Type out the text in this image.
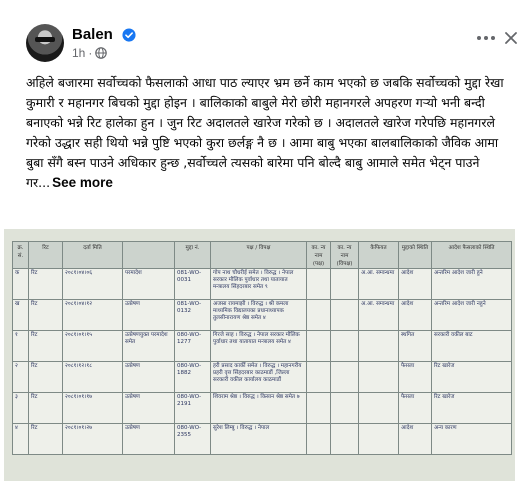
Balen
1h ·

अहिले बजारमा सर्वोच्चको फैसलाको आधा पाठ ल्याएर भ्रम छर्ने काम भएको छ जबकि सर्वोच्चको मुद्दा रेखा कुमारी र महानगर बिचको मुद्दा होइन । बालिकाको बाबुले मेरो छोरी महानगरले अपहरण गर्‍यो भनी बन्दी बनाएको भन्ने रिट हालेका हुन । जुन रिट अदालतले खारेज गरेको छ । अदालतले खारेज गरेपछि महानगरले गरेको उद्धार सही थियो भन्ने पुष्टि भएको कुरा छर्लङ्ग नै छ । आमा बाबु भएका बालबालिकाको जैविक आमा बुबा सँगै बस्न पाउने अधिकार हुन्छ ,सर्वोच्चले त्यसको बारेमा पनि बोल्दै बाबु आमाले समेत भेट्न पाउने गर... See more

क्र. सं.	रिट	दर्ता मिति		मुद्दा नं.	पक्ष / विपक्ष	का. न्य नाम (पक्ष)	का. न्य नाम (विपक्ष)	कैफियत	मुद्दाको स्थिति	आदेश फैसलाको स्थिति
क	रिट	२०८१।०४।०६	परमादेश	081-WO-0031	गोप नाथ चौधरीई समेत । विरुद्ध । नेपाल सरकार मौलिक पुर्वाधार तथा यातायात मन्त्रालय सिंहदरबार समेत ९			अ.आ. सम्वन्धमा	आदेश	अन्तरिम आदेश जारी हुने
ख	रिट	२०८१।०४।१२	उत्प्रेषण	081-WO-0132	अजस्रा रायमाझी । विरुद्ध । श्री कमला माध्यमिक विद्यालयका प्रधानाध्यापक तुलसीनारायण श्रेष्ठ समेत ४			अ.आ. सम्वन्धमा	आदेश	अन्तरिम आदेश जारी नहुने
१	रिट	२०८१।०१।१५	उत्प्रेषणयुक्त परमादेश समेत	080-WO-1277	गिरजे साह । विरुद्ध । नेपाल सरकार मौलिक पुर्वाधार तथा यातायात मन्त्रालय समेत ४				स्थगित	सरकारी वकील बाट
२	रिट	२०८१।१२।१८	उत्प्रेषण	080-WO-1882	हरी प्रसाद कार्की समेत । विरुद्ध । महानगरीय प्रहरी वृत्त सिंहदरबार काठमाडौं ,जिल्ला सरकारी वकील कार्यालय काठमाडौं				फैसला	रिट खारेज
३	रिट	२०८१।०१।१७	उत्प्रेषण	080-WO-2191	शिवराम श्रेष्ठ । विरुद्ध । किसान श्रेष्ठ समेत ७				फैसला	रिट खारेज
४	रिट	२०८१।०१।२७	उत्प्रेषण	080-WO-2355	सुरेश लिम्बु । विरुद्ध । नेपाल				आदेश	अन्य कारण
